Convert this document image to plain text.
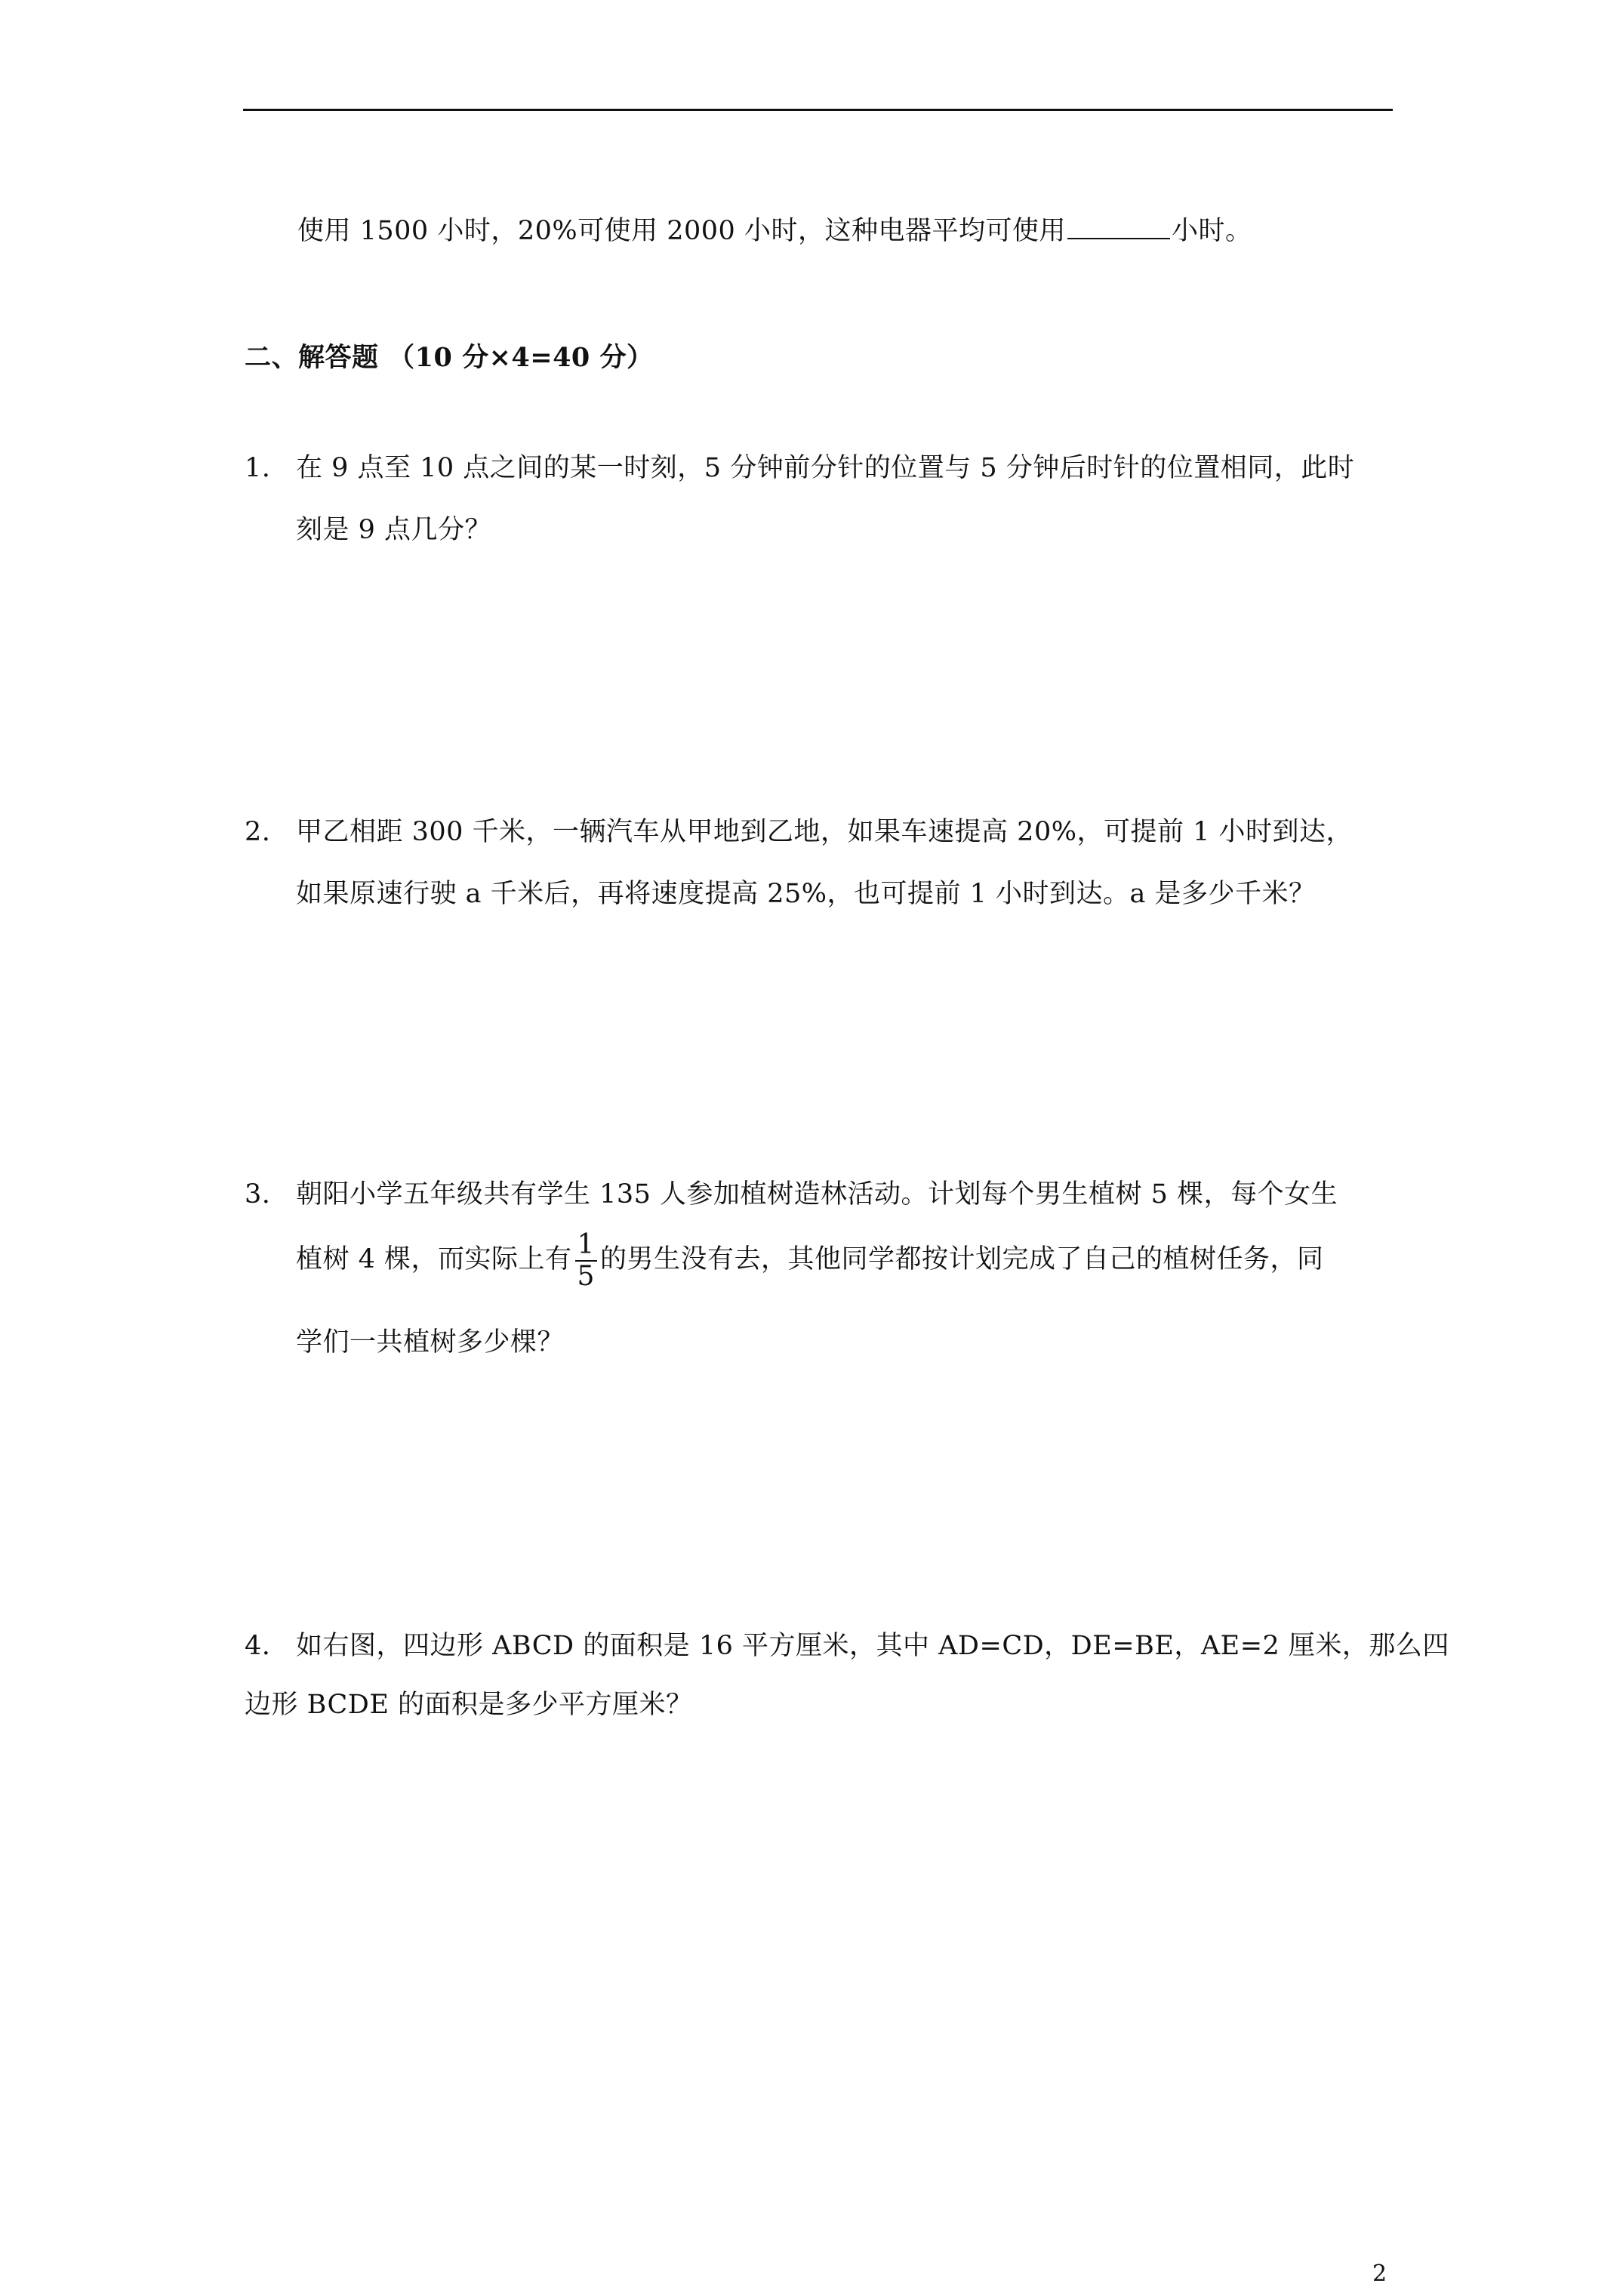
使用 1500 小时，20%可使用 2000 小时，这种电器平均可使用	小时。
二、解答题 （10 分×4=40 分）
1. 在 9 点至 10 点之间的某一时刻，5 分钟前分针的位置与 5 分钟后时针的位置相同，此时
刻是 9 点几分？
2. 甲乙相距 300 千米，一辆汽车从甲地到乙地，如果车速提高 20%，可提前 1 小时到达，
如果原速行驶 a 千米后，再将速度提高 25%，也可提前 1 小时到达。a 是多少千米？
3. 朝阳小学五年级共有学生 135 人参加植树造林活动。计划每个男生植树 5 棵，每个女生
植树 4 棵，而实际上有 $\frac{1}{5}$ 的男生没有去，其他同学都按计划完成了自己的植树任务，同
学们一共植树多少棵？
4. 如右图，四边形 ABCD 的面积是 16 平方厘米，其中 AD=CD，DE=BE，AE=2 厘米，那么四
边形 BCDE 的面积是多少平方厘米？
2
